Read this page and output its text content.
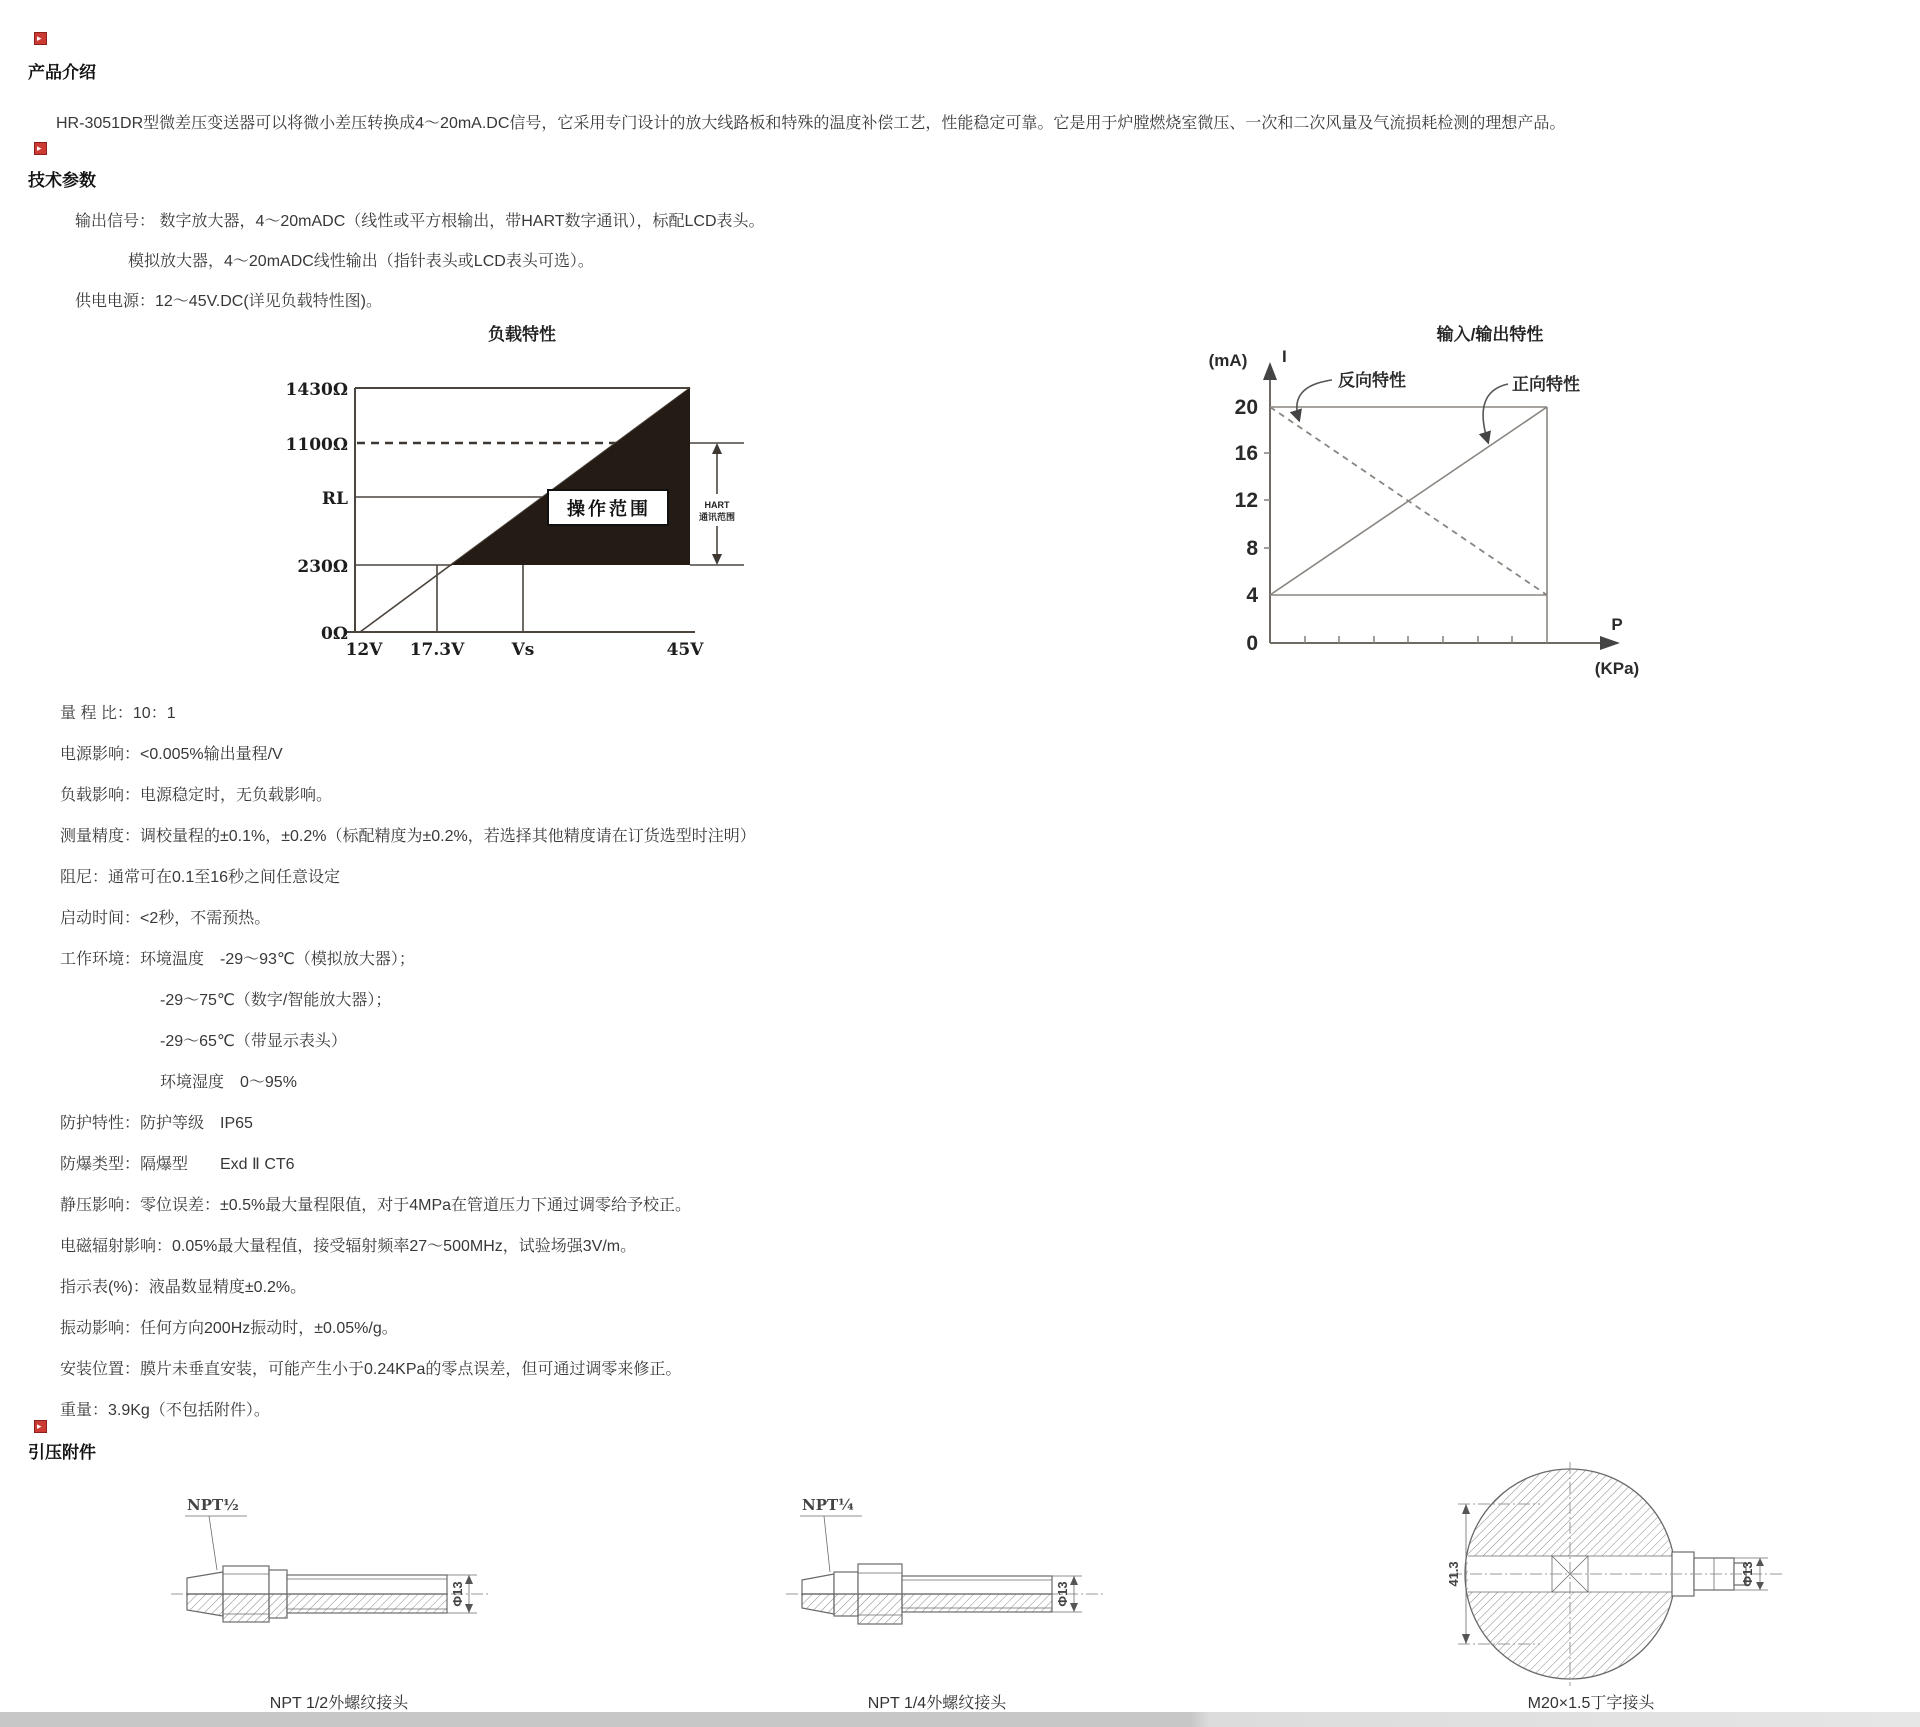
▸
产品介绍
HR-3051DR型微差压变送器可以将微小差压转换成4～20mA.DC信号，它采用专门设计的放大线路板和特殊的温度补偿工艺，性能稳定可靠。它是用于炉膛燃烧室微压、一次和二次风量及气流损耗检测的理想产品。
▸
技术参数
输出信号： 数字放大器，4～20mADC（线性或平方根输出，带HART数字通讯），标配LCD表头。
模拟放大器，4～20mADC线性输出（指针表头或LCD表头可选）。
供电电源：12～45V.DC(详见负载特性图)。
负载特性
HART
通讯范围
操作范围
1430Ω
1100Ω
RL
230Ω
0Ω
12V 17.3V	Vs	45V
输入/输出特性
(mA) I
20
16
12
8
4
0
P
(KPa)
反向特性	正向特性
量 程 比：10：1
电源影响：<0.005%输出量程/V
负载影响：电源稳定时，无负载影响。
测量精度：调校量程的±0.1%，±0.2%（标配精度为±0.2%，若选择其他精度请在订货选型时注明）
阻尼：通常可在0.1至16秒之间任意设定
启动时间：<2秒，不需预热。
工作环境：环境温度　-29～93℃（模拟放大器）；
-29～75℃（数字/智能放大器）；
-29～65℃（带显示表头）
环境湿度　0～95%
防护特性：防护等级　IP65
防爆类型：隔爆型　　Exd Ⅱ CT6
静压影响：零位误差：±0.5%最大量程限值，对于4MPa在管道压力下通过调零给予校正。
电磁辐射影响：0.05%最大量程值，接受辐射频率27～500MHz，试验场强3V/m。
指示表(%)：液晶数显精度±0.2%。
振动影响：任何方向200Hz振动时，±0.05%/g。
安装位置：膜片未垂直安装，可能产生小于0.24KPa的零点误差，但可通过调零来修正。
重量：3.9Kg（不包括附件）。
▸
引压附件
NPT½
Φ13
NPT 1/2外螺纹接头
NPT¼
Φ13
NPT 1/4外螺纹接头
41.3	Φ13
M20×1.5丁字接头
